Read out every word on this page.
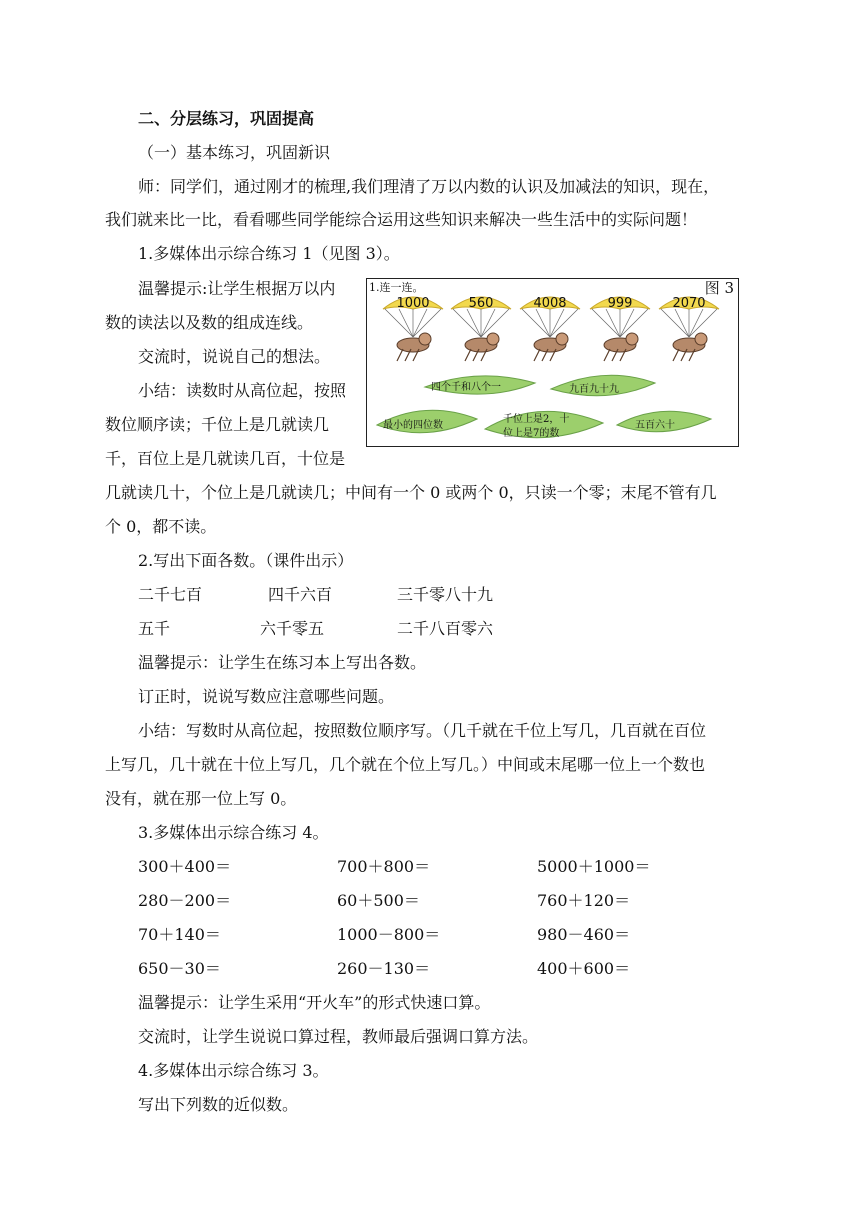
二、分层练习，巩固提高
（一）基本练习，巩固新识
师：同学们，通过刚才的梳理,我们理清了万以内数的认识及加减法的知识，现在，
我们就来比一比，看看哪些同学能综合运用这些知识来解决一些生活中的实际问题！
1.多媒体出示综合练习 1（见图 3）。
温馨提示:让学生根据万以内
数的读法以及数的组成连线。
交流时，说说自己的想法。
小结：读数时从高位起，按照
数位顺序读；千位上是几就读几
千，百位上是几就读几百，十位是
几就读几十，个位上是几就读几；中间有一个 0 或两个 0，只读一个零；末尾不管有几
个 0，都不读。
1.连一连。	图 3
四个千和八个一	九百九十九
最小的四位数
千位上是2，十
位上是7的数
五百六十
1000	560	4008	999	2070
2.写出下面各数。（课件出示）
二千七百	四千六百	三千零八十九
五千	六千零五	二千八百零六
温馨提示：让学生在练习本上写出各数。
订正时，说说写数应注意哪些问题。
小结：写数时从高位起，按照数位顺序写。（几千就在千位上写几，几百就在百位
上写几，几十就在十位上写几，几个就在个位上写几。）中间或末尾哪一位上一个数也
没有，就在那一位上写 0。
3.多媒体出示综合练习 4。
300＋400＝	700＋800＝	5000＋1000＝
280－200＝	60＋500＝	760＋120＝
70＋140＝	1000－800＝	980－460＝
650－30＝	260－130＝	400＋600＝
温馨提示：让学生采用“开火车”的形式快速口算。
交流时，让学生说说口算过程，教师最后强调口算方法。
4.多媒体出示综合练习 3。
写出下列数的近似数。
